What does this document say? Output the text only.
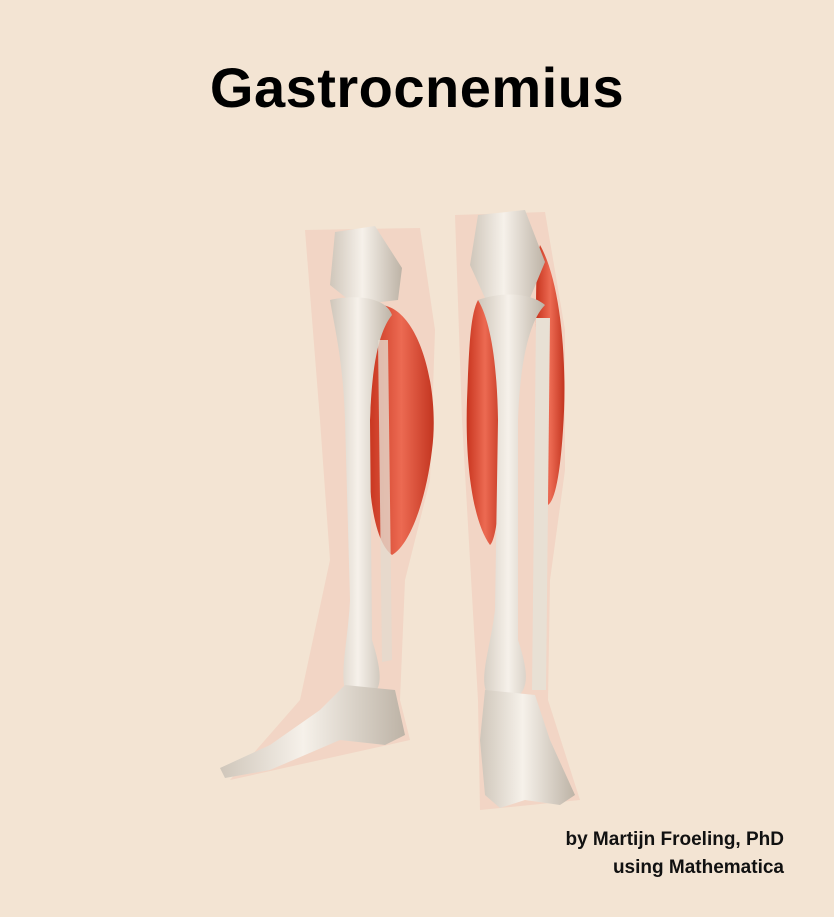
Gastrocnemius
by Martijn Froeling, PhD
using Mathematica
